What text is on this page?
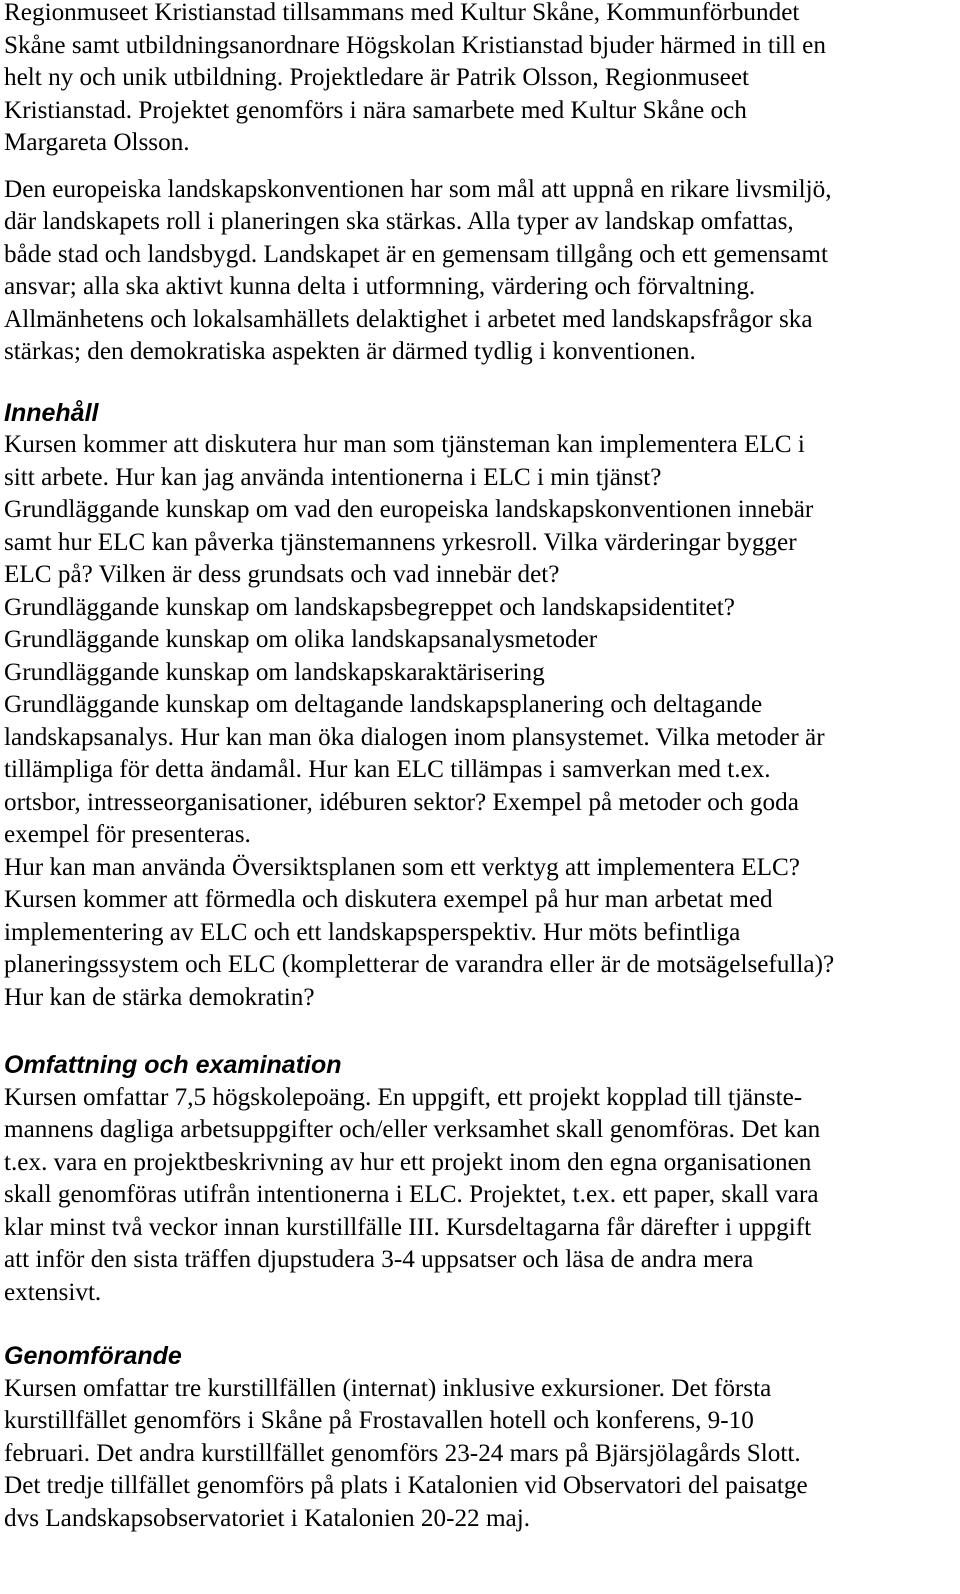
Regionmuseet Kristianstad tillsammans med Kultur Skåne, Kommunförbundet
Skåne samt utbildningsanordnare Högskolan Kristianstad bjuder härmed in till en
helt ny och unik utbildning. Projektledare är Patrik Olsson, Regionmuseet
Kristianstad. Projektet genomförs i nära samarbete med Kultur Skåne och
Margareta Olsson.

Den europeiska landskapskonventionen har som mål att uppnå en rikare livsmiljö,
där landskapets roll i planeringen ska stärkas. Alla typer av landskap omfattas,
både stad och landsbygd. Landskapet är en gemensam tillgång och ett gemensamt
ansvar; alla ska aktivt kunna delta i utformning, värdering och förvaltning.
Allmänhetens och lokalsamhällets delaktighet i arbetet med landskapsfrågor ska
stärkas; den demokratiska aspekten är därmed tydlig i konventionen.

Innehåll

Kursen kommer att diskutera hur man som tjänsteman kan implementera ELC i
sitt arbete. Hur kan jag använda intentionerna i ELC i min tjänst?
Grundläggande kunskap om vad den europeiska landskapskonventionen innebär
samt hur ELC kan påverka tjänstemannens yrkesroll. Vilka värderingar bygger
ELC på? Vilken är dess grundsats och vad innebär det?
Grundläggande kunskap om landskapsbegreppet och landskapsidentitet?
Grundläggande kunskap om olika landskapsanalysmetoder
Grundläggande kunskap om landskapskaraktärisering
Grundläggande kunskap om deltagande landskapsplanering och deltagande
landskapsanalys. Hur kan man öka dialogen inom plansystemet. Vilka metoder är
tillämpliga för detta ändamål. Hur kan ELC tillämpas i samverkan med t.ex.
ortsbor, intresseorganisationer, idéburen sektor? Exempel på metoder och goda
exempel för presenteras.
Hur kan man använda Översiktsplanen som ett verktyg att implementera ELC?
Kursen kommer att förmedla och diskutera exempel på hur man arbetat med
implementering av ELC och ett landskapsperspektiv. Hur möts befintliga
planeringssystem och ELC (kompletterar de varandra eller är de motsägelsefulla)?
Hur kan de stärka demokratin?

Omfattning och examination

Kursen omfattar 7,5 högskolepoäng. En uppgift, ett projekt kopplad till tjänste-
mannens dagliga arbetsuppgifter och/eller verksamhet skall genomföras. Det kan
t.ex. vara en projektbeskrivning av hur ett projekt inom den egna organisationen
skall genomföras utifrån intentionerna i ELC. Projektet, t.ex. ett paper, skall vara
klar minst två veckor innan kurstillfälle III. Kursdeltagarna får därefter i uppgift
att inför den sista träffen djupstudera 3-4 uppsatser och läsa de andra mera
extensivt.

Genomförande

Kursen omfattar tre kurstillfällen (internat) inklusive exkursioner. Det första
kurstillfället genomförs i Skåne på Frostavallen hotell och konferens, 9-10
februari. Det andra kurstillfället genomförs 23-24 mars på Bjärsjölagårds Slott.
Det tredje tillfället genomförs på plats i Katalonien vid Observatori del paisatge
dvs Landskapsobservatoriet i Katalonien 20-22 maj.
